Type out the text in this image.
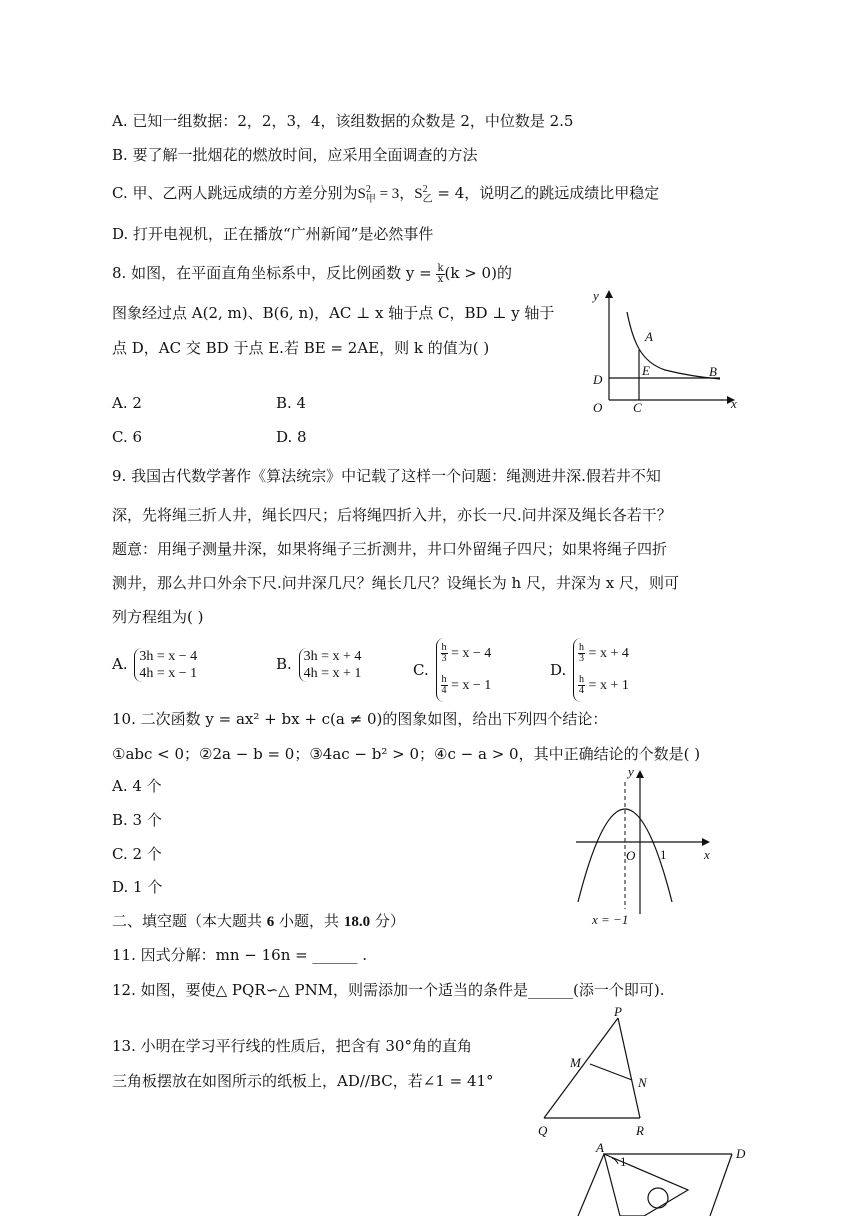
A. 已知一组数据：2，2，3，4，该组数据的众数是 2，中位数是 2.5
B. 要了解一批烟花的燃放时间，应采用全面调查的方法
C. 甲、乙两人跳远成绩的方差分别为S 2
甲 = 3，S 2
乙 = 4，说明乙的跳远成绩比甲稳定
D. 打开电视机，正在播放“广州新闻”是必然事件
8. 如图，在平面直角坐标系中，反比例函数 $y = \frac{k}{x} (k > 0)$的
图象经过点 A(2, m)、B(6, n)，AC ⊥ x 轴于点 C，BD ⊥ y 轴于
点 D，AC 交 BD 于点 E.若 BE = 2AE，则 k 的值为( )
A. 2	B. 4
C. 6	D. 8
y
x
O
A
B
C
D
E
9. 我国古代数学著作《算法统宗》中记载了这样一个问题：绳测进井深.假若井不知
深，先将绳三折人井，绳长四尺；后将绳四折入井，亦长一尺.问井深及绳长各若干？
题意：用绳子测量井深，如果将绳子三折测井，井口外留绳子四尺；如果将绳子四折
测井，那么井口外余下尺.问井深几尺？绳长几尺？设绳长为 h 尺，井深为 x 尺，则可
列方程组为( )
A. 3h = x − 4
4h = x − 1
B. 3h = x + 4
4h = x + 1	C.
$\frac{h}{3} = x - 4$
$\frac{h}{4} = x - 1$
D.
$\frac{h}{3} = x + 4$
$\frac{h}{4} = x + 1$
10. 二次函数 y = ax² + bx + c(a ≠ 0)的图象如图，给出下列四个结论：
①abc < 0；②2a − b = 0；③4ac − b² > 0；④c − a > 0，其中正确结论的个数是( )
A. 4 个
B. 3 个
C. 2 个
D. 1 个
y
x
O 1
x = −1
二、填空题（本大题共 6 小题，共 18.0 分）
11. 因式分解：mn − 16n = ______ .
12. 如图，要使△ PQR∽△ PNM，则需添加一个适当的条件是______(添一个即可).
13. 小明在学习平行线的性质后，把含有 30°角的直角
三角板摆放在如图所示的纸板上，AD//BC，若∠1 = 41°
P
M
N
Q	R
A	D
1
